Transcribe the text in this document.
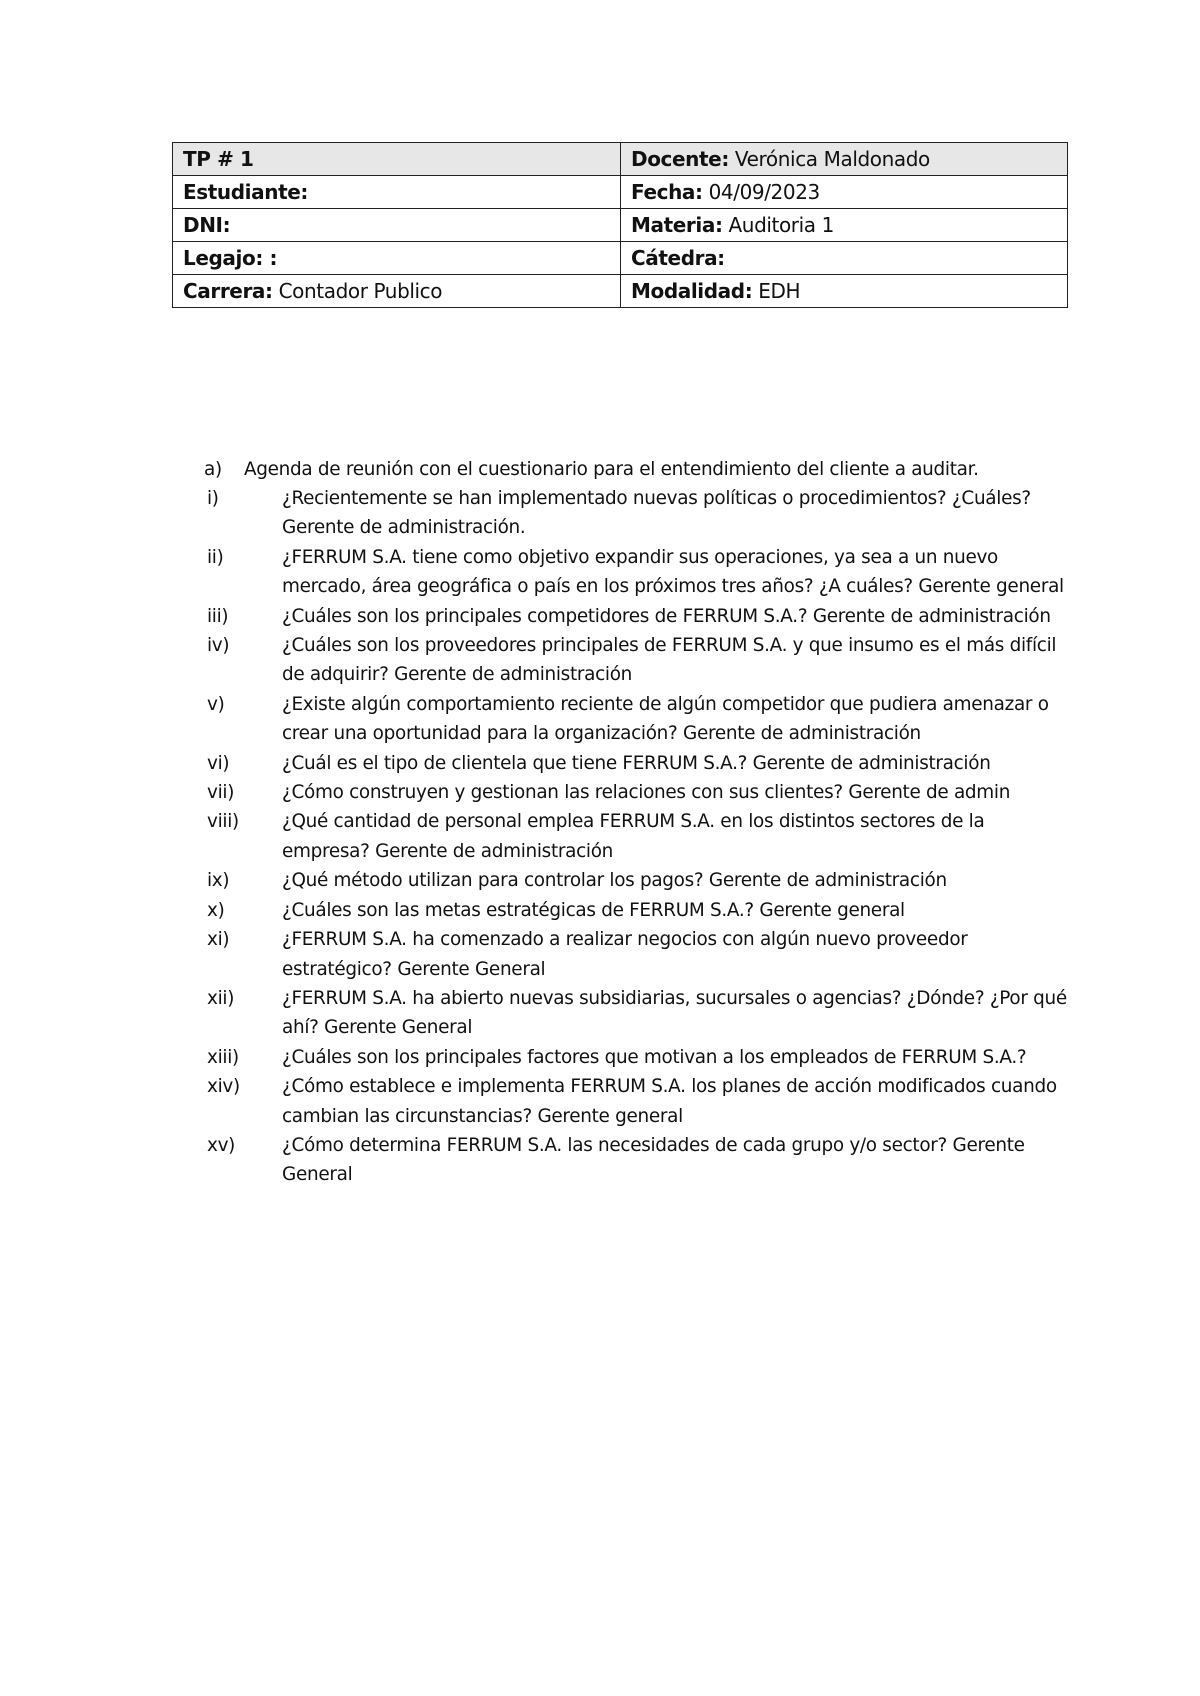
TP # 1	Docente: Verónica Maldonado
Estudiante:	Fecha: 04/09/2023
DNI:	Materia: Auditoria 1
Legajo: :	Cátedra:
Carrera: Contador Publico	Modalidad: EDH
a)	Agenda de reunión con el cuestionario para el entendimiento del cliente a auditar.
i)	¿Recientemente se han implementado nuevas políticas o procedimientos? ¿Cuáles? Gerente de administración.
ii)	¿FERRUM S.A. tiene como objetivo expandir sus operaciones, ya sea a un nuevo mercado, área geográfica o país en los próximos tres años? ¿A cuáles? Gerente general
iii)	¿Cuáles son los principales competidores de FERRUM S.A.? Gerente de administración
iv)	¿Cuáles son los proveedores principales de FERRUM S.A. y que insumo es el más difícil de adquirir? Gerente de administración
v)	¿Existe algún comportamiento reciente de algún competidor que pudiera amenazar o crear una oportunidad para la organización? Gerente de administración
vi)	¿Cuál es el tipo de clientela que tiene FERRUM S.A.? Gerente de administración
vii)	¿Cómo construyen y gestionan las relaciones con sus clientes? Gerente de admin
viii)	¿Qué cantidad de personal emplea FERRUM S.A. en los distintos sectores de la empresa? Gerente de administración
ix)	¿Qué método utilizan para controlar los pagos? Gerente de administración
x)	¿Cuáles son las metas estratégicas de FERRUM S.A.? Gerente general
xi)	¿FERRUM S.A. ha comenzado a realizar negocios con algún nuevo proveedor estratégico? Gerente General
xii)	¿FERRUM S.A. ha abierto nuevas subsidiarias, sucursales o agencias? ¿Dónde? ¿Por qué ahí? Gerente General
xiii)	¿Cuáles son los principales factores que motivan a los empleados de FERRUM S.A.?
xiv)	¿Cómo establece e implementa FERRUM S.A. los planes de acción modificados cuando cambian las circunstancias? Gerente general
xv)	¿Cómo determina FERRUM S.A. las necesidades de cada grupo y/o sector? Gerente General
